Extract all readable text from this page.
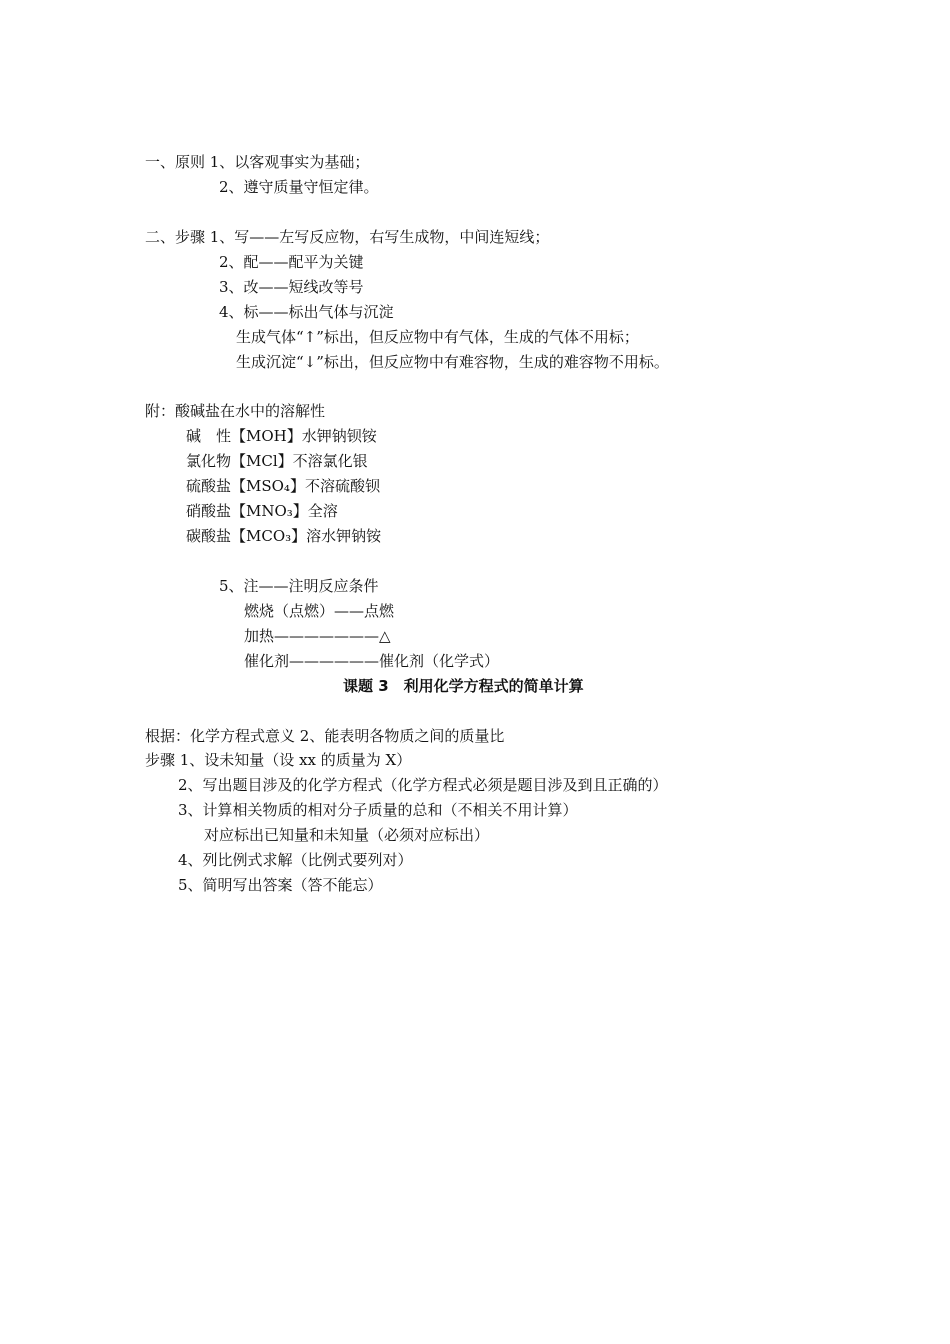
一、原则 1、以客观事实为基础；
2、遵守质量守恒定律。
二、步骤 1、写——左写反应物，右写生成物，中间连短线；
2、配——配平为关键
3、改——短线改等号
4、标——标出气体与沉淀
生成气体“↑”标出，但反应物中有气体，生成的气体不用标；
生成沉淀“↓”标出，但反应物中有难容物，生成的难容物不用标。
附：酸碱盐在水中的溶解性
碱　性【MOH】水钾钠钡铵
氯化物【MCl】不溶氯化银
硫酸盐【MSO₄】不溶硫酸钡
硝酸盐【MNO₃】全溶
碳酸盐【MCO₃】溶水钾钠铵
5、注——注明反应条件
燃烧（点燃）——点燃
加热———————△
催化剂——————催化剂（化学式）
课题 3　利用化学方程式的简单计算
根据：化学方程式意义 2、能表明各物质之间的质量比
步骤 1、设未知量（设 xx 的质量为 X）
2、写出题目涉及的化学方程式（化学方程式必须是题目涉及到且正确的）
3、计算相关物质的相对分子质量的总和（不相关不用计算）
对应标出已知量和未知量（必须对应标出）
4、列比例式求解（比例式要列对）
5、简明写出答案（答不能忘）
